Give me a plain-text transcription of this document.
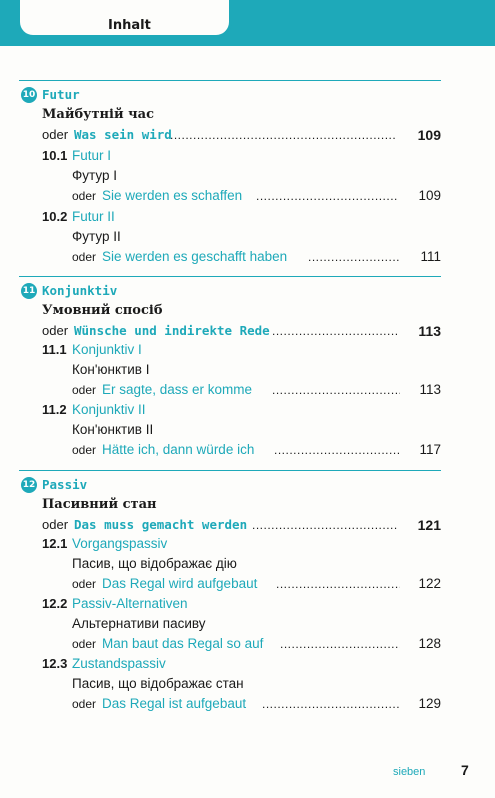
Inhalt
10 Futur
Майбутній час
oder Was sein wird .....	109
10.1 Futur I
Футур I
oder Sie werden es schaffen .....	109
10.2 Futur II
Футур II
oder Sie werden es geschafft haben .....	111
11 Konjunktiv
Умовний спосіб
oder Wünsche und indirekte Rede .....	113
11.1 Konjunktiv I
Кон'юнктив I
oder Er sagte, dass er komme .....	113
11.2 Konjunktiv II
Кон'юнктив II
oder Hätte ich, dann würde ich .....	117
12 Passiv
Пасивний стан
oder Das muss gemacht werden .....	121
12.1 Vorgangspassiv
Пасив, що відображає дію
oder Das Regal wird aufgebaut .....	122
12.2 Passiv-Alternativen
Альтернативи пасиву
oder Man baut das Regal so auf .....	128
12.3 Zustandspassiv
Пасив, що відображає стан
oder Das Regal ist aufgebaut .....	129
sieben	7
